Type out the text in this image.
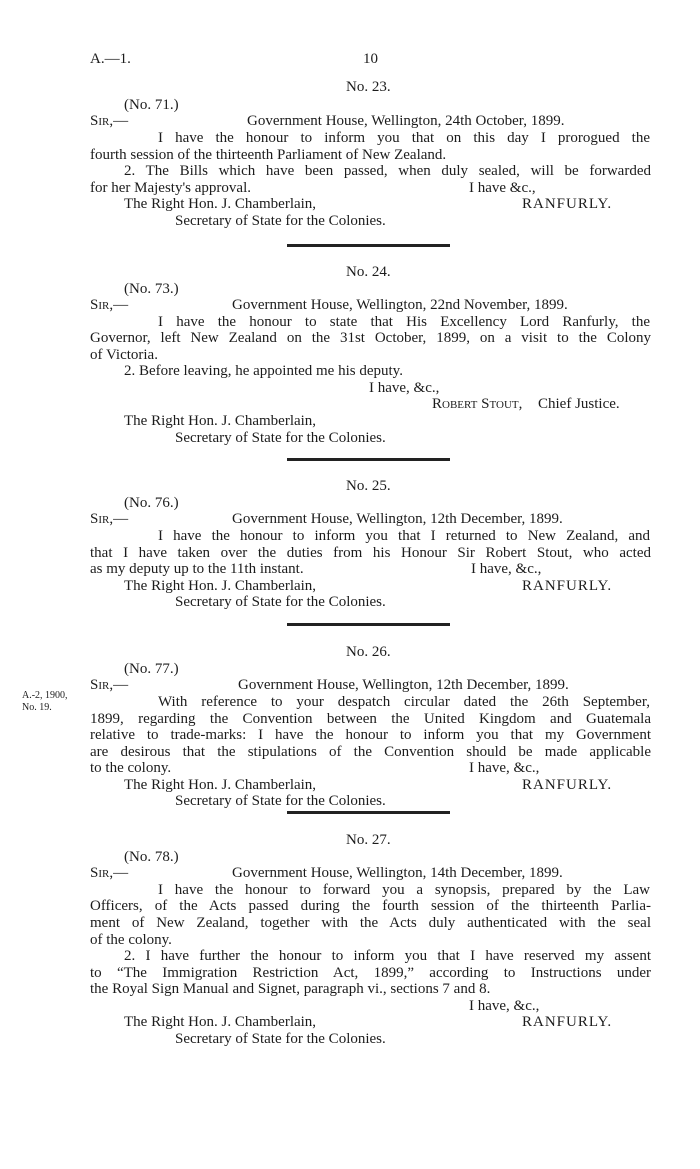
A.—1.	10
No. 23.
(No. 71.)
Sir,—	Government House, Wellington, 24th October, 1899.
I have the honour to inform you that on this day I prorogued the
fourth session of the thirteenth Parliament of New Zealand.
2. The Bills which have been passed, when duly sealed, will be forwarded
for her Majesty's approval.	I have &c.,
The Right Hon. J. Chamberlain,	RANFURLY.
Secretary of State for the Colonies.
No. 24.
(No. 73.)
Sir,—	Government House, Wellington, 22nd November, 1899.
I have the honour to state that His Excellency Lord Ranfurly, the
Governor, left New Zealand on the 31st October, 1899, on a visit to the Colony
of Victoria.
2. Before leaving, he appointed me his deputy.
I have, &c.,
Robert Stout, Chief Justice.
The Right Hon. J. Chamberlain,
Secretary of State for the Colonies.
No. 25.
(No. 76.)
Sir,—	Government House, Wellington, 12th December, 1899.
I have the honour to inform you that I returned to New Zealand, and
that I have taken over the duties from his Honour Sir Robert Stout, who acted
as my deputy up to the 11th instant.	I have, &c.,
The Right Hon. J. Chamberlain,	RANFURLY.
Secretary of State for the Colonies.
No. 26.
(No. 77.)
Sir,—	Government House, Wellington, 12th December, 1899.
A.-2, 1900,
No. 19.	With reference to your despatch circular dated the 26th September,
1899, regarding the Convention between the United Kingdom and Guatemala
relative to trade-marks: I have the honour to inform you that my Government
are desirous that the stipulations of the Convention should be made applicable
to the colony.	I have, &c.,
The Right Hon. J. Chamberlain,	RANFURLY.
Secretary of State for the Colonies.
No. 27.
(No. 78.)
Sir,—	Government House, Wellington, 14th December, 1899.
I have the honour to forward you a synopsis, prepared by the Law
Officers, of the Acts passed during the fourth session of the thirteenth Parlia-
ment of New Zealand, together with the Acts duly authenticated with the seal
of the colony.
2. I have further the honour to inform you that I have reserved my assent
to “The Immigration Restriction Act, 1899,” according to Instructions under
the Royal Sign Manual and Signet, paragraph vi., sections 7 and 8.
I have, &c.,
The Right Hon. J. Chamberlain,	RANFURLY.
Secretary of State for the Colonies.
